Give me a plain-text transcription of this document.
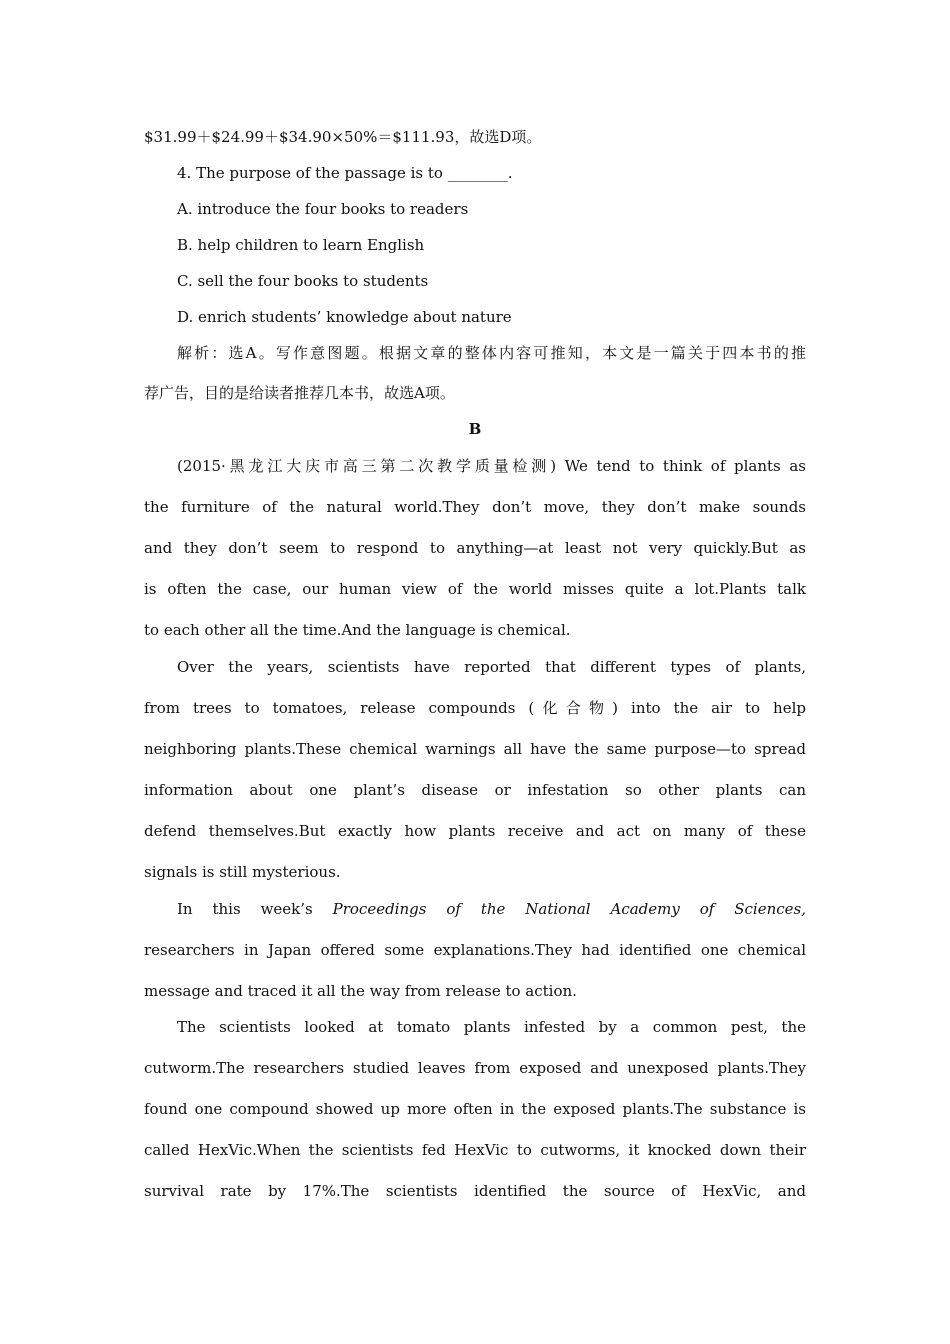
$31.99＋$24.99＋$34.90×50%＝$111.93，故选D项。
4. The purpose of the passage is to ________.
A. introduce the four books to readers
B. help children to learn English
C. sell the four books to students
D. enrich students’ knowledge about nature
解析：选A。写作意图题。根据文章的整体内容可推知，本文是一篇关于四本书的推
荐广告，目的是给读者推荐几本书，故选A项。
B
(2015·黑龙江大庆市高三第二次教学质量检测) We tend to think of plants as
the furniture of the natural world.They don’t move, they don’t make sounds
and they don’t seem to respond to anything—at least not very quickly.But as
is often the case, our human view of the world misses quite a lot.Plants talk
to each other all the time.And the language is chemical.
Over the years, scientists have reported that different types of plants,
from trees to tomatoes, release compounds (化合物) into the air to help
neighboring plants.These chemical warnings all have the same purpose—to spread
information about one plant’s disease or infestation so other plants can
defend themselves.But exactly how plants receive and act on many of these
signals is still mysterious.
In this week’s Proceedings of the National Academy of Sciences,
researchers in Japan offered some explanations.They had identified one chemical
message and traced it all the way from release to action.
The scientists looked at tomato plants infested by a common pest, the
cutworm.The researchers studied leaves from exposed and unexposed plants.They
found one compound showed up more often in the exposed plants.The substance is
called HexVic.When the scientists fed HexVic to cutworms, it knocked down their
survival rate by 17%.The scientists identified the source of HexVic, and
